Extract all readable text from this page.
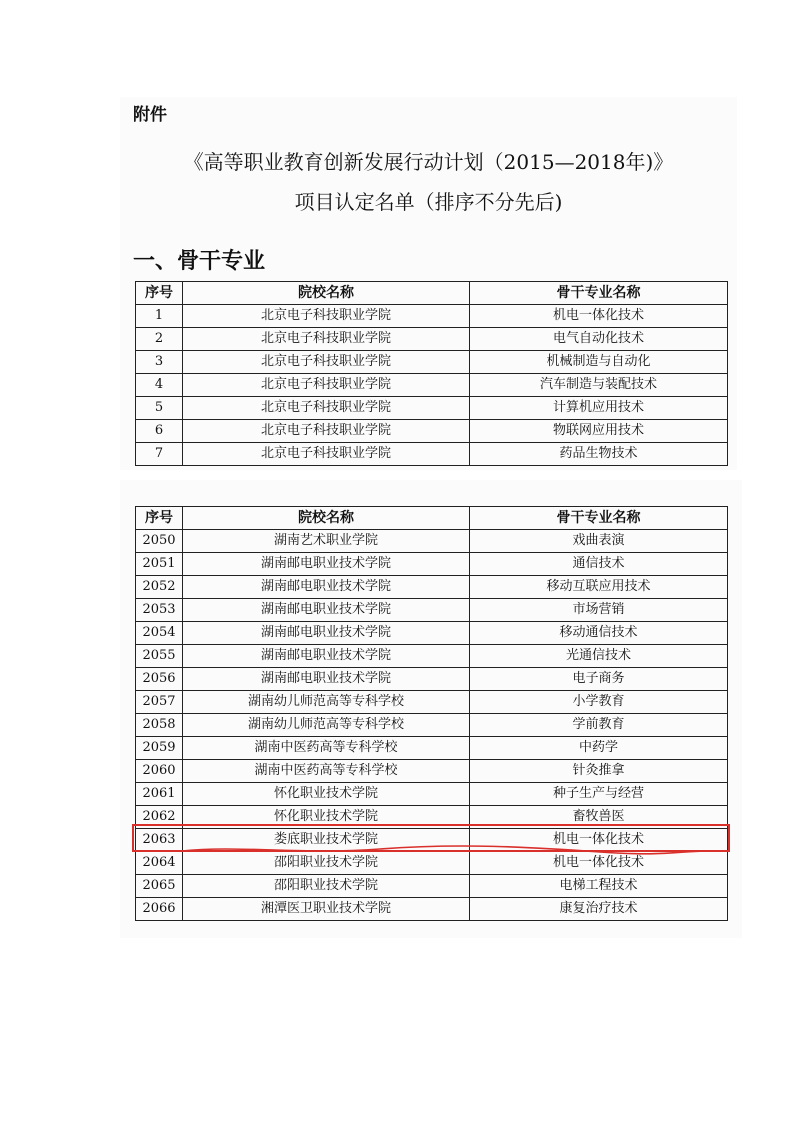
附件
《高等职业教育创新发展行动计划（2015—2018年)》
项目认定名单（排序不分先后)
一、骨干专业
序号	院校名称	骨干专业名称
1	北京电子科技职业学院	机电一体化技术
2	北京电子科技职业学院	电气自动化技术
3	北京电子科技职业学院	机械制造与自动化
4	北京电子科技职业学院	汽车制造与装配技术
5	北京电子科技职业学院	计算机应用技术
6	北京电子科技职业学院	物联网应用技术
7	北京电子科技职业学院	药品生物技术
序号	院校名称	骨干专业名称
2050	湖南艺术职业学院	戏曲表演
2051	湖南邮电职业技术学院	通信技术
2052	湖南邮电职业技术学院	移动互联应用技术
2053	湖南邮电职业技术学院	市场营销
2054	湖南邮电职业技术学院	移动通信技术
2055	湖南邮电职业技术学院	光通信技术
2056	湖南邮电职业技术学院	电子商务
2057	湖南幼儿师范高等专科学校	小学教育
2058	湖南幼儿师范高等专科学校	学前教育
2059	湖南中医药高等专科学校	中药学
2060	湖南中医药高等专科学校	针灸推拿
2061	怀化职业技术学院	种子生产与经营
2062	怀化职业技术学院	畜牧兽医
2063	娄底职业技术学院	机电一体化技术
2064	邵阳职业技术学院	机电一体化技术
2065	邵阳职业技术学院	电梯工程技术
2066	湘潭医卫职业技术学院	康复治疗技术
